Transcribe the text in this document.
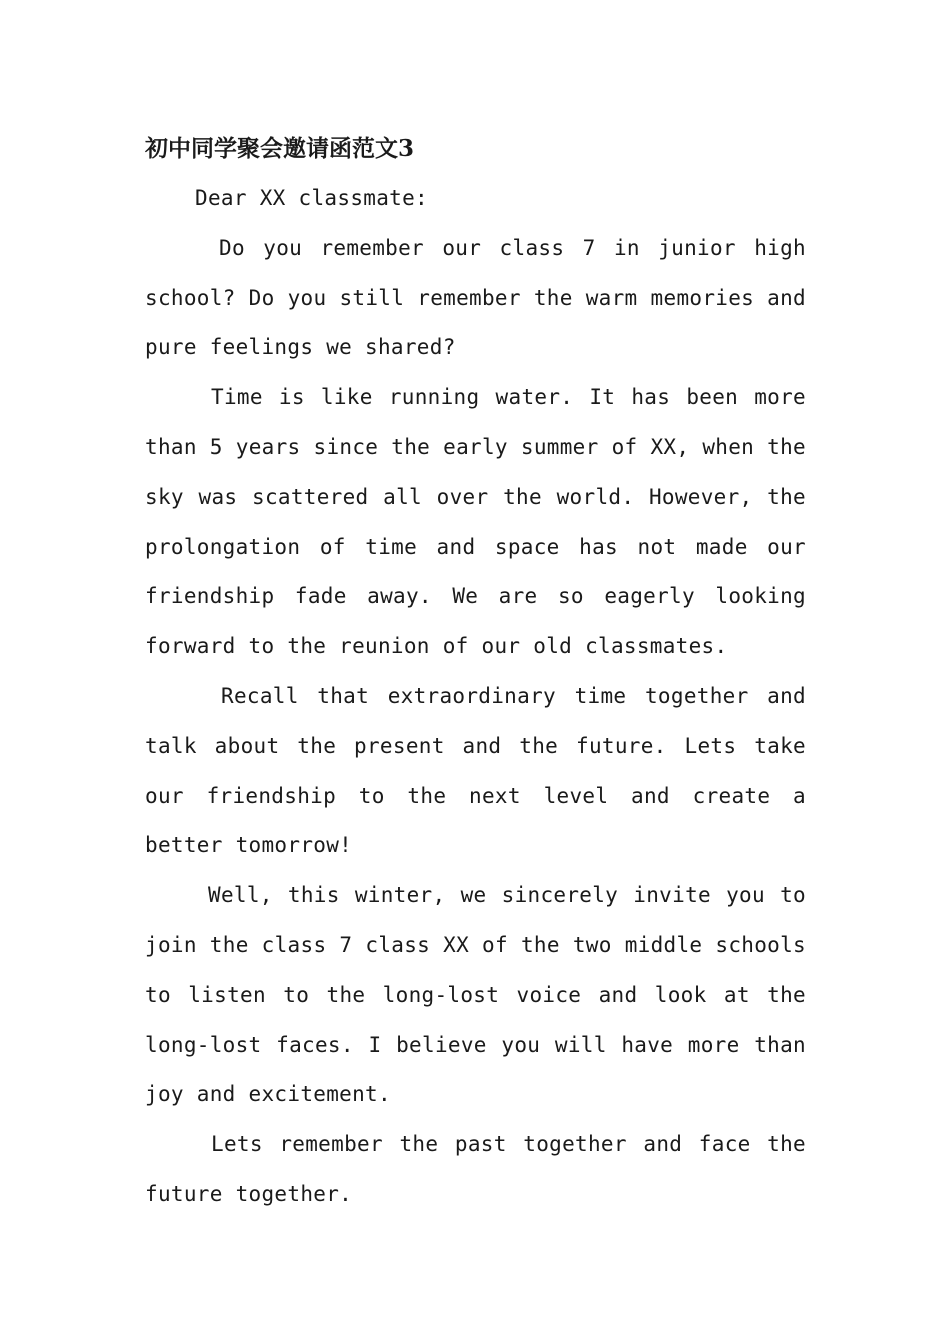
初中同学聚会邀请函范文3

Dear XX classmate:

Do you remember our class 7 in junior high school? Do you still remember the warm memories and pure feelings we shared?

Time is like running water. It has been more than 5 years since the early summer of XX, when the sky was scattered all over the world. However, the prolongation of time and space has not made our friendship fade away. We are so eagerly looking forward to the reunion of our old classmates.

Recall that extraordinary time together and talk about the present and the future. Lets take our friendship to the next level and create a better tomorrow!

Well, this winter, we sincerely invite you to join the class 7 class XX of the two middle schools to listen to the long-lost voice and look at the long-lost faces. I believe you will have more than joy and excitement.

Lets remember the past together and face the future together.
